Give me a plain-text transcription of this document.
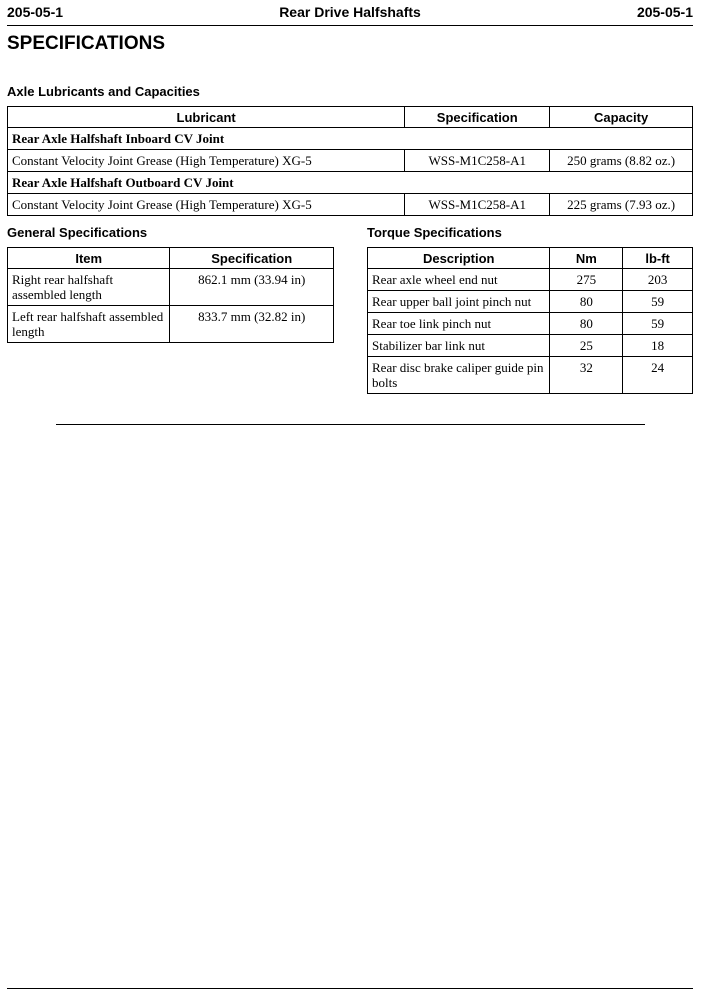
205-05-1	Rear Drive Halfshafts	205-05-1
SPECIFICATIONS
Axle Lubricants and Capacities
Lubricant	Specification	Capacity
Rear Axle Halfshaft Inboard CV Joint		
Constant Velocity Joint Grease (High Temperature) XG-5	WSS-M1C258-A1	250 grams (8.82 oz.)
Rear Axle Halfshaft Outboard CV Joint		
Constant Velocity Joint Grease (High Temperature) XG-5	WSS-M1C258-A1	225 grams (7.93 oz.)
General Specifications
Item	Specification
Right rear halfshaft assembled length	862.1 mm (33.94 in)
Left rear halfshaft assembled length	833.7 mm (32.82 in)
Torque Specifications
Description	Nm	lb-ft
Rear axle wheel end nut	275	203
Rear upper ball joint pinch nut	80	59
Rear toe link pinch nut	80	59
Stabilizer bar link nut	25	18
Rear disc brake caliper guide pin bolts	32	24
